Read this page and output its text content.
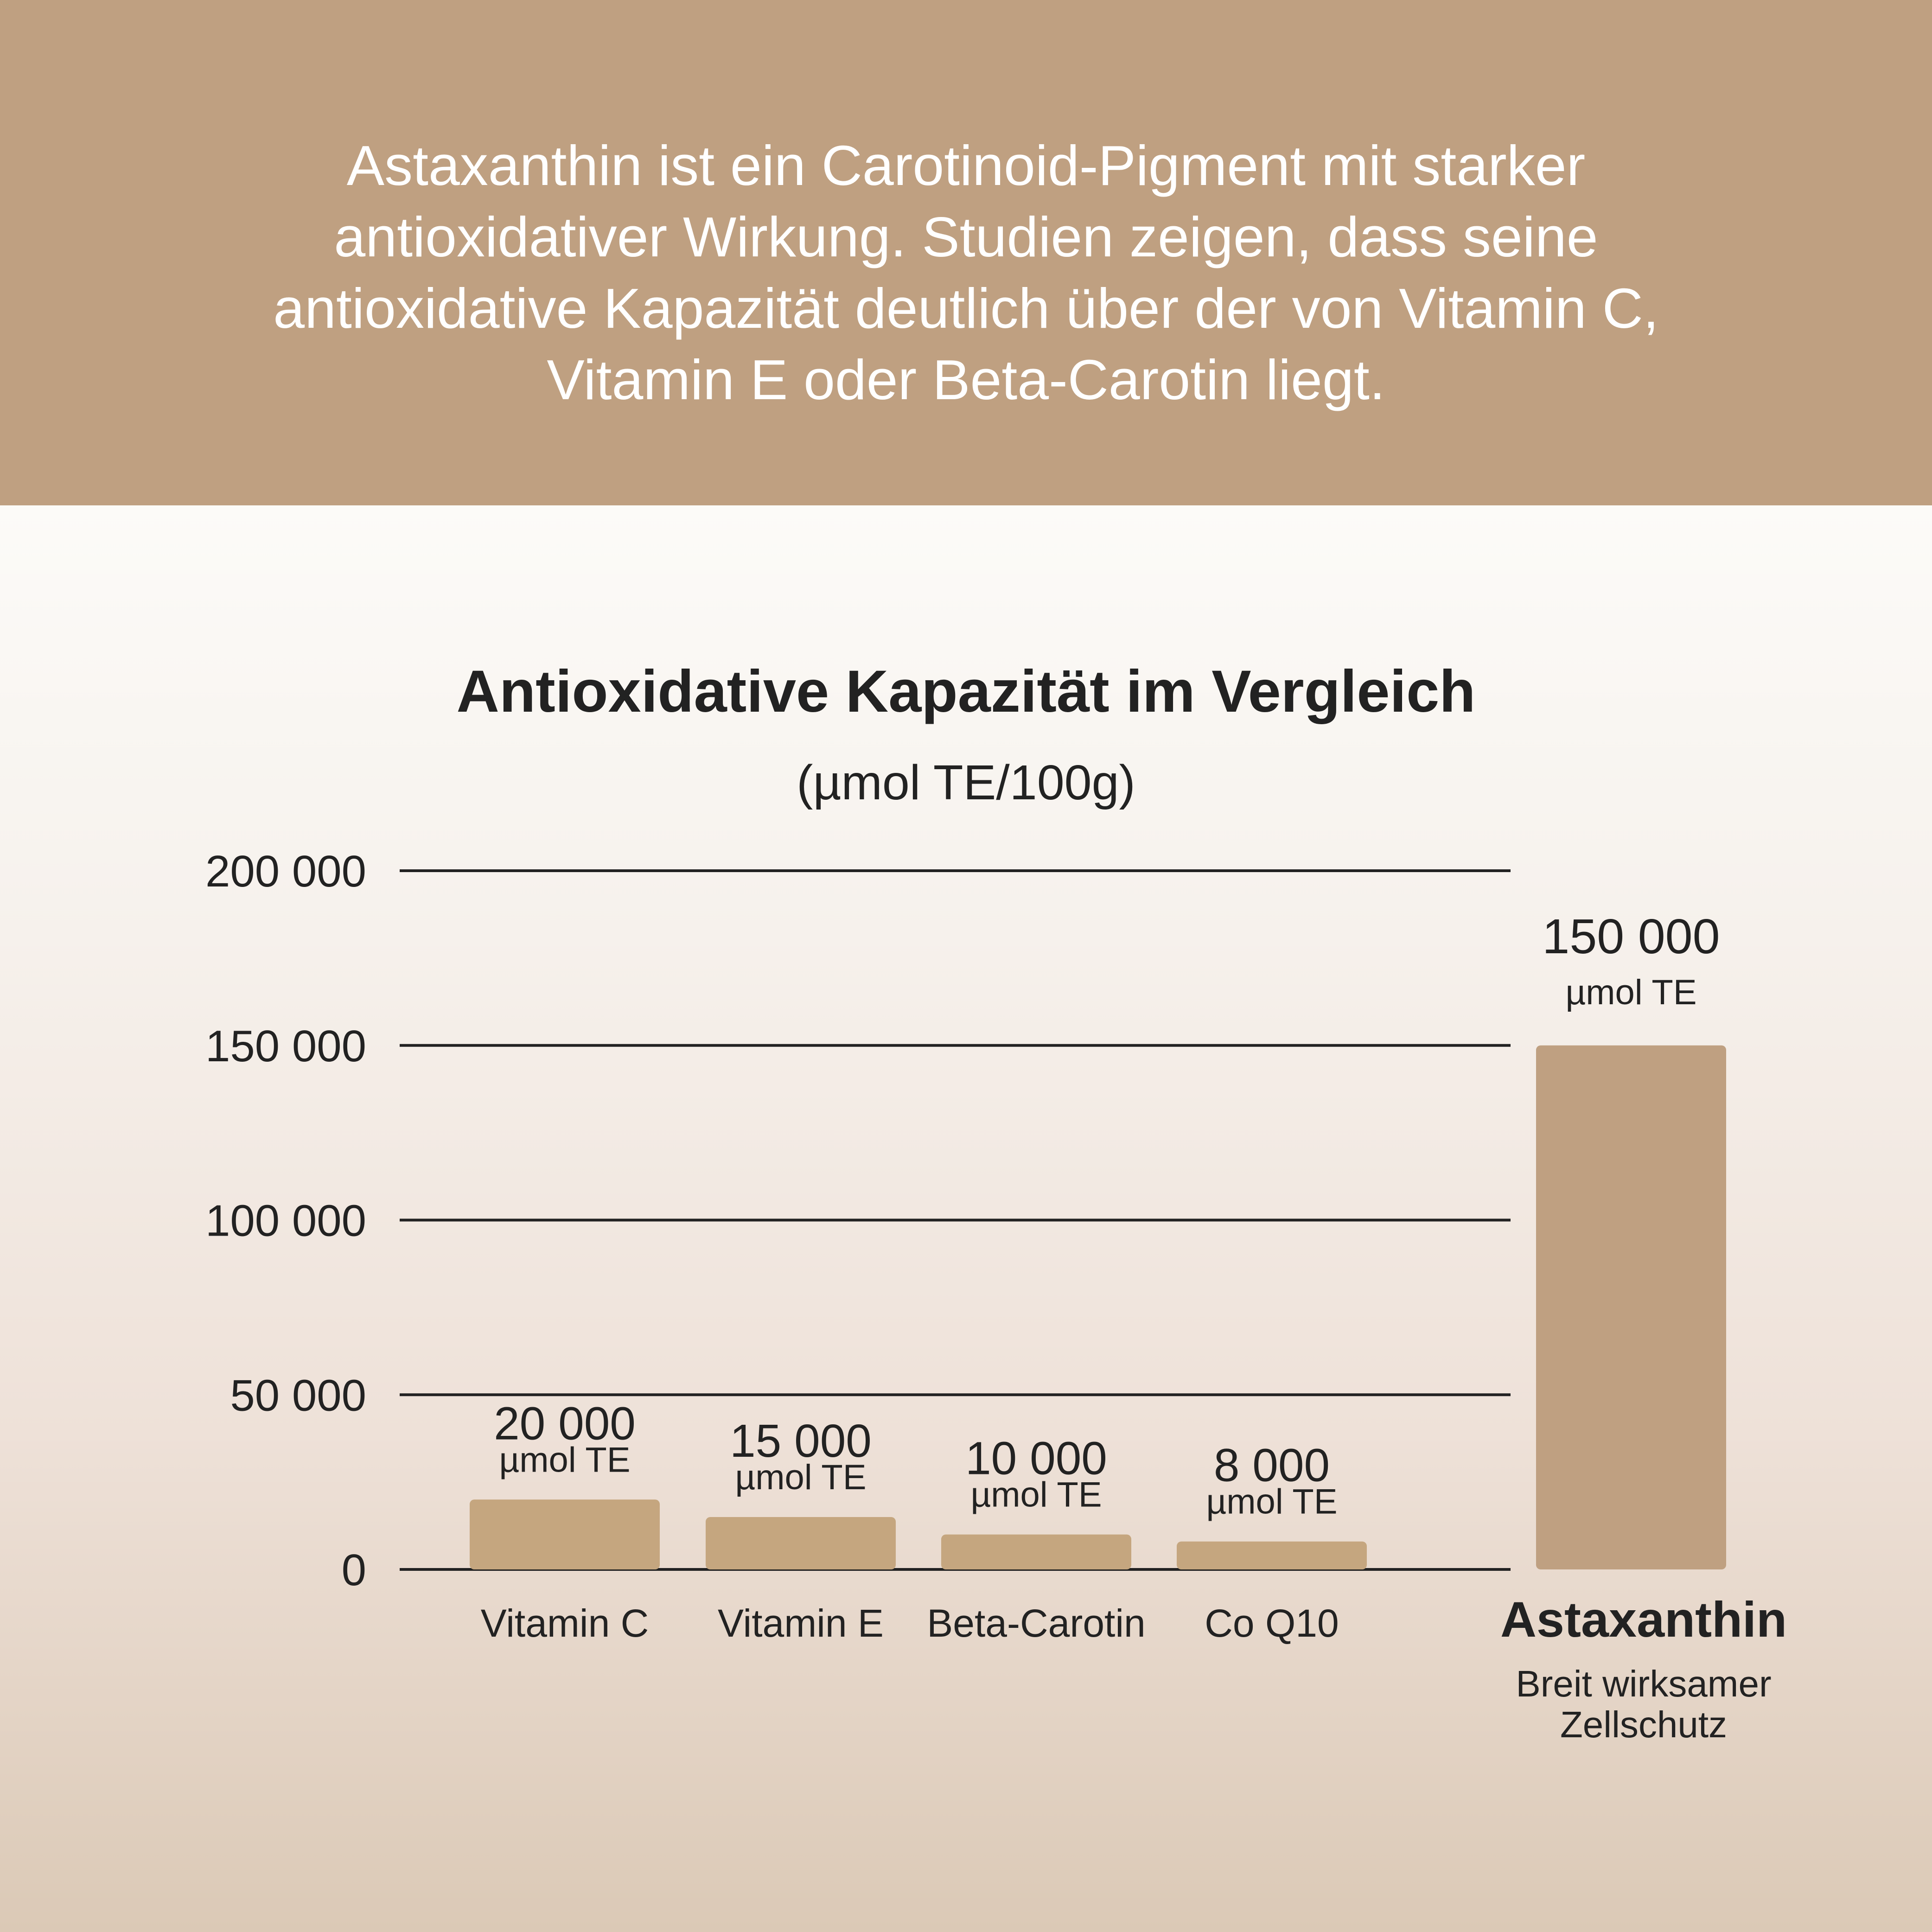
Astaxanthin ist ein Carotinoid-Pigment mit starker antioxidativer Wirkung. Studien zeigen, dass seine antioxidative Kapazität deutlich über der von Vitamin C, Vitamin E oder Beta-Carotin liegt.
Antioxidative Kapazität im Vergleich
(µmol TE/100g)
0
50 000
100 000
150 000
200 000
20 000
µmol TE
Vitamin C
15 000
µmol TE
Vitamin E
10 000
µmol TE
Beta-Carotin
8 000
µmol TE
Co Q10
150 000
µmol TE
Astaxanthin
Breit wirksamer Zellschutz
